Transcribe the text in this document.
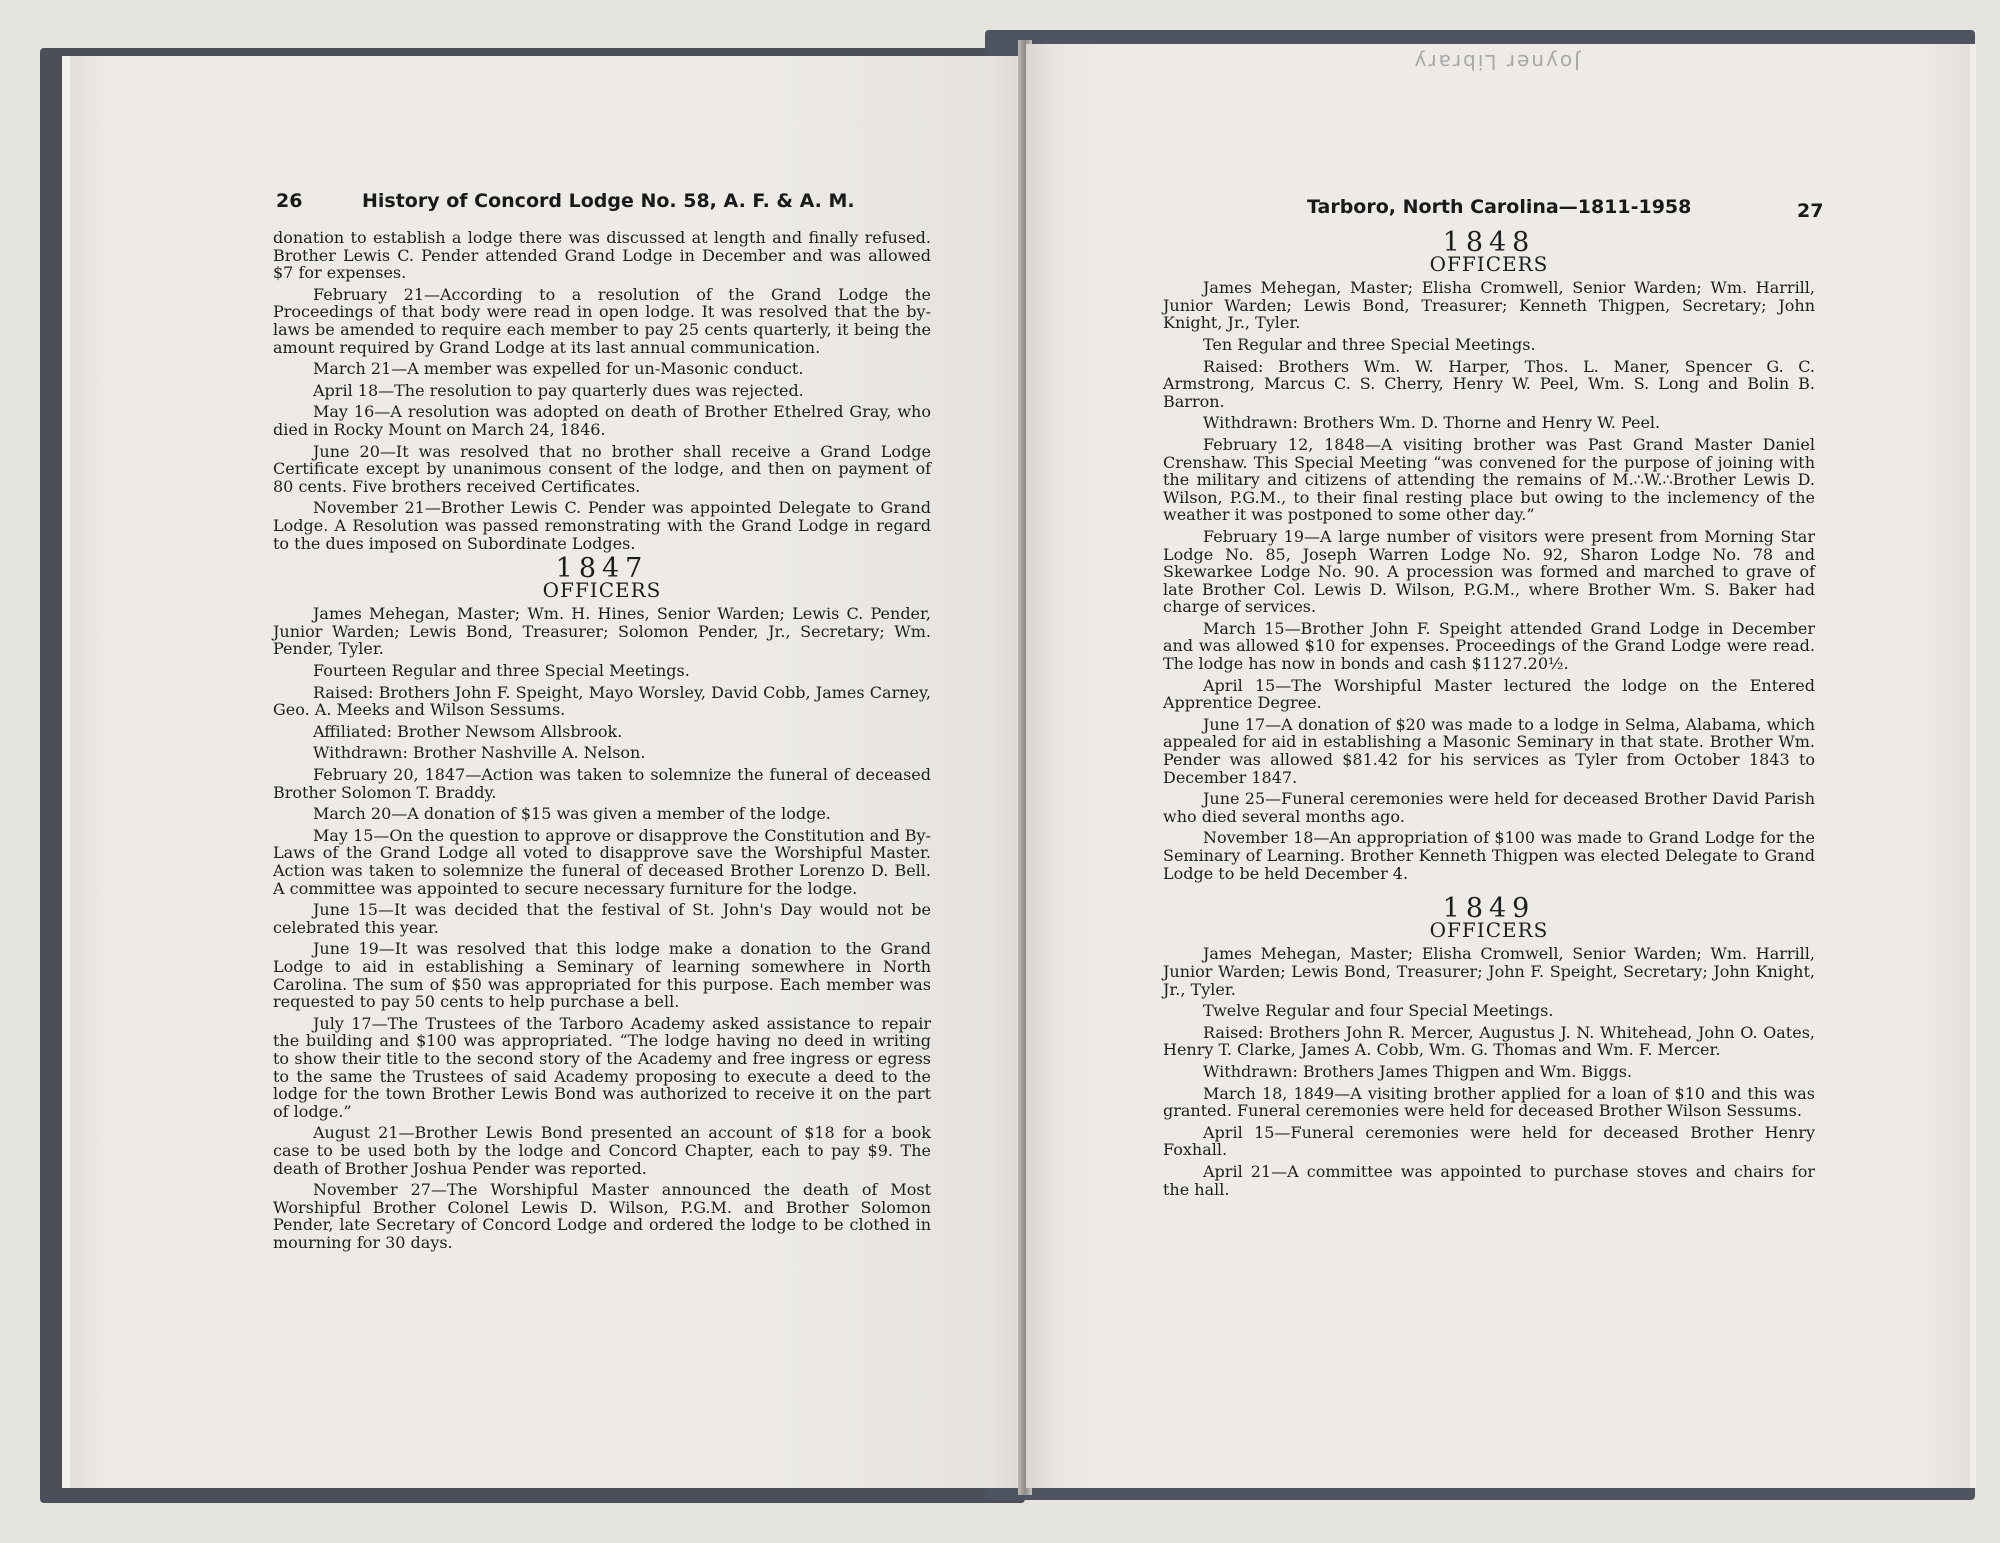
History of Concord Lodge No. 58, A. F. & A. M.
26

donation to establish a lodge there was discussed at length and finally refused. Brother Lewis C. Pender attended Grand Lodge in December and was allowed $7 for expenses.

February 21—According to a resolution of the Grand Lodge the Proceedings of that body were read in open lodge. It was resolved that the by-laws be amended to require each member to pay 25 cents quarterly, it being the amount required by Grand Lodge at its last annual communication.

March 21—A member was expelled for un-Masonic conduct.

April 18—The resolution to pay quarterly dues was rejected.

May 16—A resolution was adopted on death of Brother Ethelred Gray, who died in Rocky Mount on March 24, 1846.

June 20—It was resolved that no brother shall receive a Grand Lodge Certificate except by unanimous consent of the lodge, and then on payment of 80 cents. Five brothers received Certificates.

November 21—Brother Lewis C. Pender was appointed Delegate to Grand Lodge. A Resolution was passed remonstrating with the Grand Lodge in regard to the dues imposed on Subordinate Lodges.

1847
OFFICERS

James Mehegan, Master; Wm. H. Hines, Senior Warden; Lewis C. Pender, Junior Warden; Lewis Bond, Treasurer; Solomon Pender, Jr., Secretary; Wm. Pender, Tyler.

Fourteen Regular and three Special Meetings.

Raised: Brothers John F. Speight, Mayo Worsley, David Cobb, James Carney, Geo. A. Meeks and Wilson Sessums.

Affiliated: Brother Newsom Allsbrook.

Withdrawn: Brother Nashville A. Nelson.

February 20, 1847—Action was taken to solemnize the funeral of deceased Brother Solomon T. Braddy.

March 20—A donation of $15 was given a member of the lodge.

May 15—On the question to approve or disapprove the Constitution and By-Laws of the Grand Lodge all voted to disapprove save the Worshipful Master. Action was taken to solemnize the funeral of deceased Brother Lorenzo D. Bell. A committee was appointed to secure necessary furniture for the lodge.

June 15—It was decided that the festival of St. John's Day would not be celebrated this year.

June 19—It was resolved that this lodge make a donation to the Grand Lodge to aid in establishing a Seminary of learning somewhere in North Carolina. The sum of $50 was appropriated for this purpose. Each member was requested to pay 50 cents to help purchase a bell.

July 17—The Trustees of the Tarboro Academy asked assistance to repair the building and $100 was appropriated. “The lodge having no deed in writing to show their title to the second story of the Academy and free ingress or egress to the same the Trustees of said Academy proposing to execute a deed to the lodge for the town Brother Lewis Bond was authorized to receive it on the part of lodge.”

August 21—Brother Lewis Bond presented an account of $18 for a book case to be used both by the lodge and Concord Chapter, each to pay $9. The death of Brother Joshua Pender was reported.

November 27—The Worshipful Master announced the death of Most Worshipful Brother Colonel Lewis D. Wilson, P.G.M. and Brother Solomon Pender, late Secretary of Concord Lodge and ordered the lodge to be clothed in mourning for 30 days.

Joyner Library
Tarboro, North Carolina—1811-1958	27
1848
OFFICERS

James Mehegan, Master; Elisha Cromwell, Senior Warden; Wm. Harrill, Junior Warden; Lewis Bond, Treasurer; Kenneth Thigpen, Secretary; John Knight, Jr., Tyler.

Ten Regular and three Special Meetings.

Raised: Brothers Wm. W. Harper, Thos. L. Maner, Spencer G. C. Armstrong, Marcus C. S. Cherry, Henry W. Peel, Wm. S. Long and Bolin B. Barron.

Withdrawn: Brothers Wm. D. Thorne and Henry W. Peel.

February 12, 1848—A visiting brother was Past Grand Master Daniel Crenshaw. This Special Meeting “was convened for the purpose of joining with the military and citizens of attending the remains of M.∴W.∴Brother Lewis D. Wilson, P.G.M., to their final resting place but owing to the inclemency of the weather it was postponed to some other day.”

February 19—A large number of visitors were present from Morning Star Lodge No. 85, Joseph Warren Lodge No. 92, Sharon Lodge No. 78 and Skewarkee Lodge No. 90. A procession was formed and marched to grave of late Brother Col. Lewis D. Wilson, P.G.M., where Brother Wm. S. Baker had charge of services.

March 15—Brother John F. Speight attended Grand Lodge in December and was allowed $10 for expenses. Proceedings of the Grand Lodge were read. The lodge has now in bonds and cash $1127.20½.

April 15—The Worshipful Master lectured the lodge on the Entered Apprentice Degree.

June 17—A donation of $20 was made to a lodge in Selma, Alabama, which appealed for aid in establishing a Masonic Seminary in that state. Brother Wm. Pender was allowed $81.42 for his services as Tyler from October 1843 to December 1847.

June 25—Funeral ceremonies were held for deceased Brother David Parish who died several months ago.

November 18—An appropriation of $100 was made to Grand Lodge for the Seminary of Learning. Brother Kenneth Thigpen was elected Delegate to Grand Lodge to be held December 4.

1849
OFFICERS

James Mehegan, Master; Elisha Cromwell, Senior Warden; Wm. Harrill, Junior Warden; Lewis Bond, Treasurer; John F. Speight, Secretary; John Knight, Jr., Tyler.

Twelve Regular and four Special Meetings.

Raised: Brothers John R. Mercer, Augustus J. N. Whitehead, John O. Oates, Henry T. Clarke, James A. Cobb, Wm. G. Thomas and Wm. F. Mercer.

Withdrawn: Brothers James Thigpen and Wm. Biggs.

March 18, 1849—A visiting brother applied for a loan of $10 and this was granted. Funeral ceremonies were held for deceased Brother Wilson Sessums.

April 15—Funeral ceremonies were held for deceased Brother Henry Foxhall.

April 21—A committee was appointed to purchase stoves and chairs for the hall.
